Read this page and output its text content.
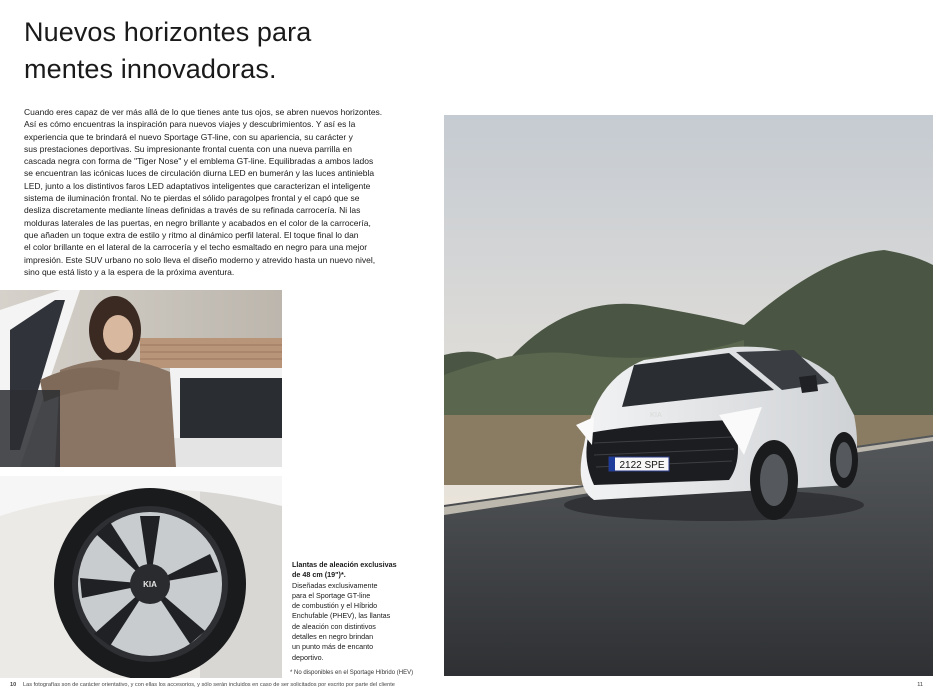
Nuevos horizontes para
mentes innovadoras.

Cuando eres capaz de ver más allá de lo que tienes ante tus ojos, se abren nuevos horizontes.
Así es cómo encuentras la inspiración para nuevos viajes y descubrimientos. Y así es la
experiencia que te brindará el nuevo Sportage GT-line, con su apariencia, su carácter y
sus prestaciones deportivas. Su impresionante frontal cuenta con una nueva parrilla en
cascada negra con forma de "Tiger Nose" y el emblema GT-line. Equilibradas a ambos lados
se encuentran las icónicas luces de circulación diurna LED en bumerán y las luces antiniebla
LED, junto a los distintivos faros LED adaptativos inteligentes que caracterizan el inteligente
sistema de iluminación frontal. No te pierdas el sólido paragolpes frontal y el capó que se
desliza discretamente mediante líneas definidas a través de su refinada carrocería. Ni las
molduras laterales de las puertas, en negro brillante y acabados en el color de la carrocería,
que añaden un toque extra de estilo y ritmo al dinámico perfil lateral. El toque final lo dan
el color brillante en el lateral de la carrocería y el techo esmaltado en negro para una mejor
impresión. Este SUV urbano no solo lleva el diseño moderno y atrevido hasta un nuevo nivel,
sino que está listo y a la espera de la próxima aventura.

KIA
2122 SPE
KIA
Llantas de aleación exclusivas
de 48 cm (19")*.
Diseñadas exclusivamente
para el Sportage GT-line
de combustión y el Híbrido
Enchufable (PHEV), las llantas
de aleación con distintivos
detalles en negro brindan
un punto más de encanto
deportivo.
* No disponibles en el Sportage Híbrido (HEV)
10 Las fotografías son de carácter orientativo, y con ellas los accesorios, y sólo serán incluidos en caso de ser solicitados por escrito por parte del cliente	11
